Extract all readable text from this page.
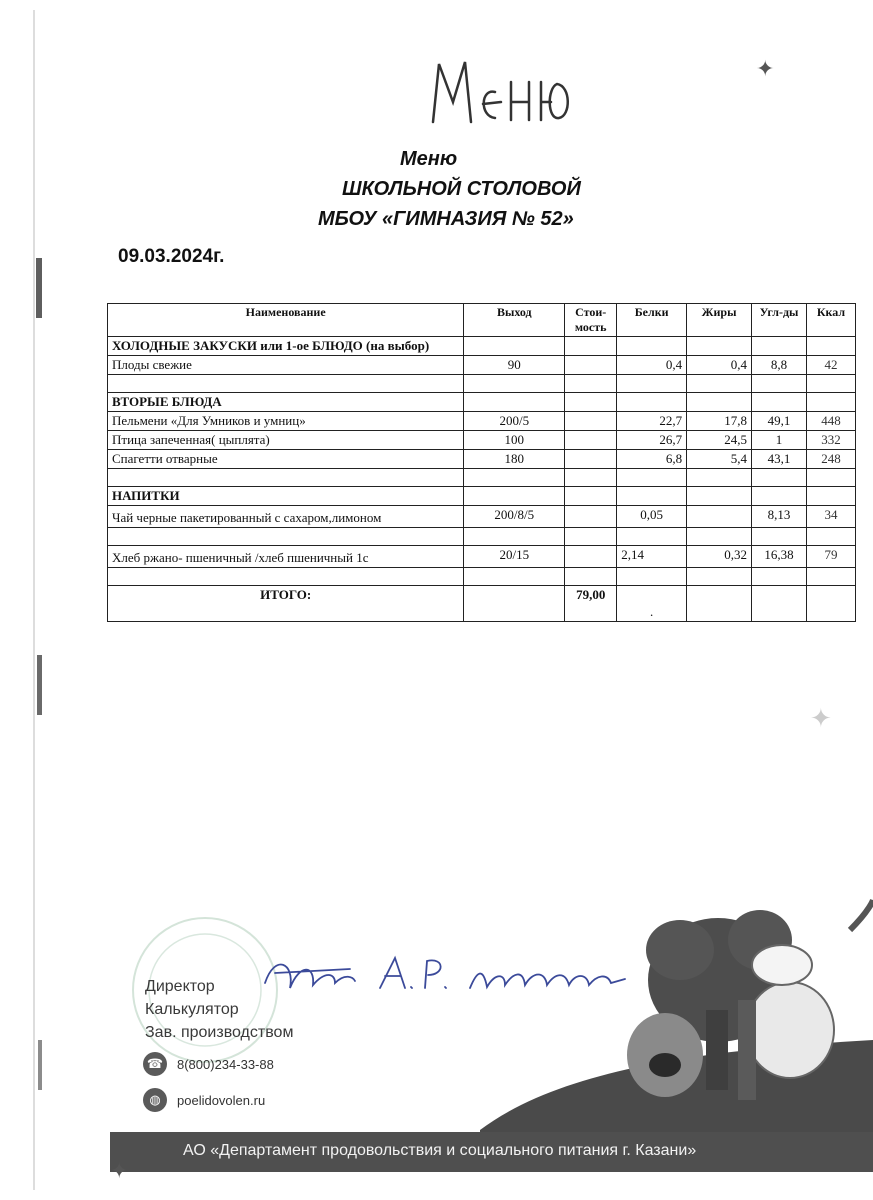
✦
✦
Меню
ШКОЛЬНОЙ СТОЛОВОЙ
МБОУ «ГИМНАЗИЯ № 52»
09.03.2024г.
Наименование	Выход	Стои-мость	Белки	Жиры	Угл-ды	Ккал
ХОЛОДНЫЕ ЗАКУСКИ или 1-ое БЛЮДО (на выбор)						
Плоды свежие	90		0,4	0,4	8,8	42

ВТОРЫЕ БЛЮДА						
Пельмени «Для Умников и умниц»	200/5		22,7	17,8	49,1	448
Птица запеченная( цыплята)	100		26,7	24,5	1	332
Спагетти отварные	180		6,8	5,4	43,1	248

НАПИТКИ						
Чай черные пакетированный с сахаром,лимоном	200/8/5		0,05		8,13	34

Хлеб ржано- пшеничный /хлеб пшеничный 1с	20/15		2,14	0,32	16,38	79

ИТОГО:		79,00	.			
Директор
Калькулятор
Зав. производством
☎	8(800)234-33-88
◍	poelidovolen.ru
✦
АО «Департамент продовольствия и социального питания г. Казани»
